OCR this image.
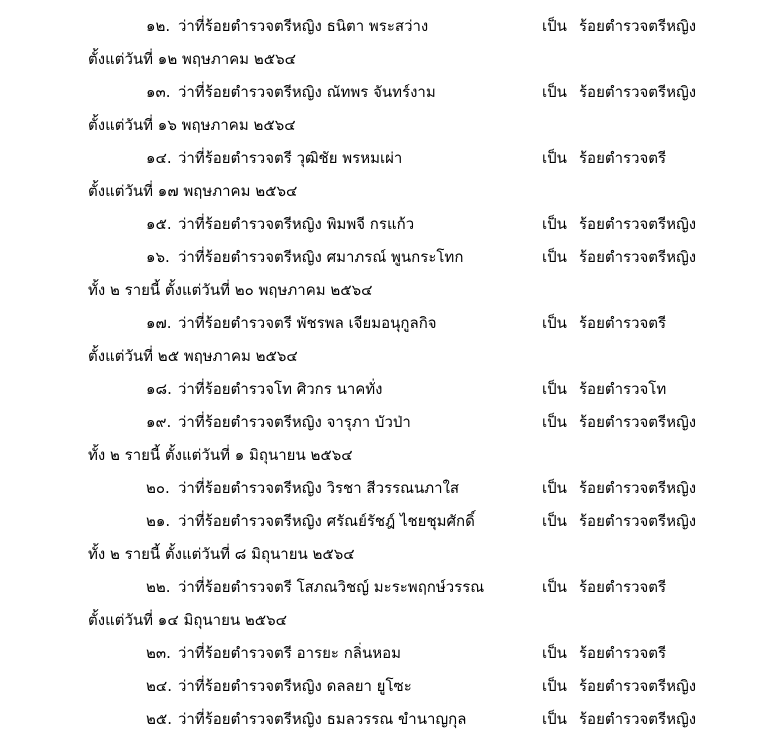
๑๒. ว่าที่ร้อยตำรวจตรีหญิง ธนิตา พระสว่าง	เป็น ร้อยตำรวจตรีหญิง
ตั้งแต่วันที่ ๑๒ พฤษภาคม ๒๕๖๔
๑๓. ว่าที่ร้อยตำรวจตรีหญิง ณัทพร จันทร์งาม	เป็น ร้อยตำรวจตรีหญิง
ตั้งแต่วันที่ ๑๖ พฤษภาคม ๒๕๖๔
๑๔. ว่าที่ร้อยตำรวจตรี วุฒิชัย พรหมเผ่า	เป็น ร้อยตำรวจตรี
ตั้งแต่วันที่ ๑๗ พฤษภาคม ๒๕๖๔
๑๕. ว่าที่ร้อยตำรวจตรีหญิง พิมพจี กรแก้ว	เป็น ร้อยตำรวจตรีหญิง
๑๖. ว่าที่ร้อยตำรวจตรีหญิง ศมาภรณ์ พูนกระโทก	เป็น ร้อยตำรวจตรีหญิง
ทั้ง ๒ รายนี้ ตั้งแต่วันที่ ๒๐ พฤษภาคม ๒๕๖๔
๑๗. ว่าที่ร้อยตำรวจตรี พัชรพล เจียมอนุกูลกิจ	เป็น ร้อยตำรวจตรี
ตั้งแต่วันที่ ๒๕ พฤษภาคม ๒๕๖๔
๑๘. ว่าที่ร้อยตำรวจโท ศิวกร นาคทั่ง	เป็น ร้อยตำรวจโท
๑๙. ว่าที่ร้อยตำรวจตรีหญิง จารุภา บัวป่า	เป็น ร้อยตำรวจตรีหญิง
ทั้ง ๒ รายนี้ ตั้งแต่วันที่ ๑ มิถุนายน ๒๕๖๔
๒๐. ว่าที่ร้อยตำรวจตรีหญิง วิรชา สีวรรณนภาใส	เป็น ร้อยตำรวจตรีหญิง
๒๑. ว่าที่ร้อยตำรวจตรีหญิง ศรัณย์รัชฎ์ ไชยชุมศักดิ์	เป็น ร้อยตำรวจตรีหญิง
ทั้ง ๒ รายนี้ ตั้งแต่วันที่ ๘ มิถุนายน ๒๕๖๔
๒๒. ว่าที่ร้อยตำรวจตรี โสภณวิชญ์ มะระพฤกษ์วรรณ	เป็น ร้อยตำรวจตรี
ตั้งแต่วันที่ ๑๔ มิถุนายน ๒๕๖๔
๒๓. ว่าที่ร้อยตำรวจตรี อารยะ กลิ่นหอม	เป็น ร้อยตำรวจตรี
๒๔. ว่าที่ร้อยตำรวจตรีหญิง ดลลยา ยูโซะ	เป็น ร้อยตำรวจตรีหญิง
๒๕. ว่าที่ร้อยตำรวจตรีหญิง ธมลวรรณ ขำนาญกุล	เป็น ร้อยตำรวจตรีหญิง
